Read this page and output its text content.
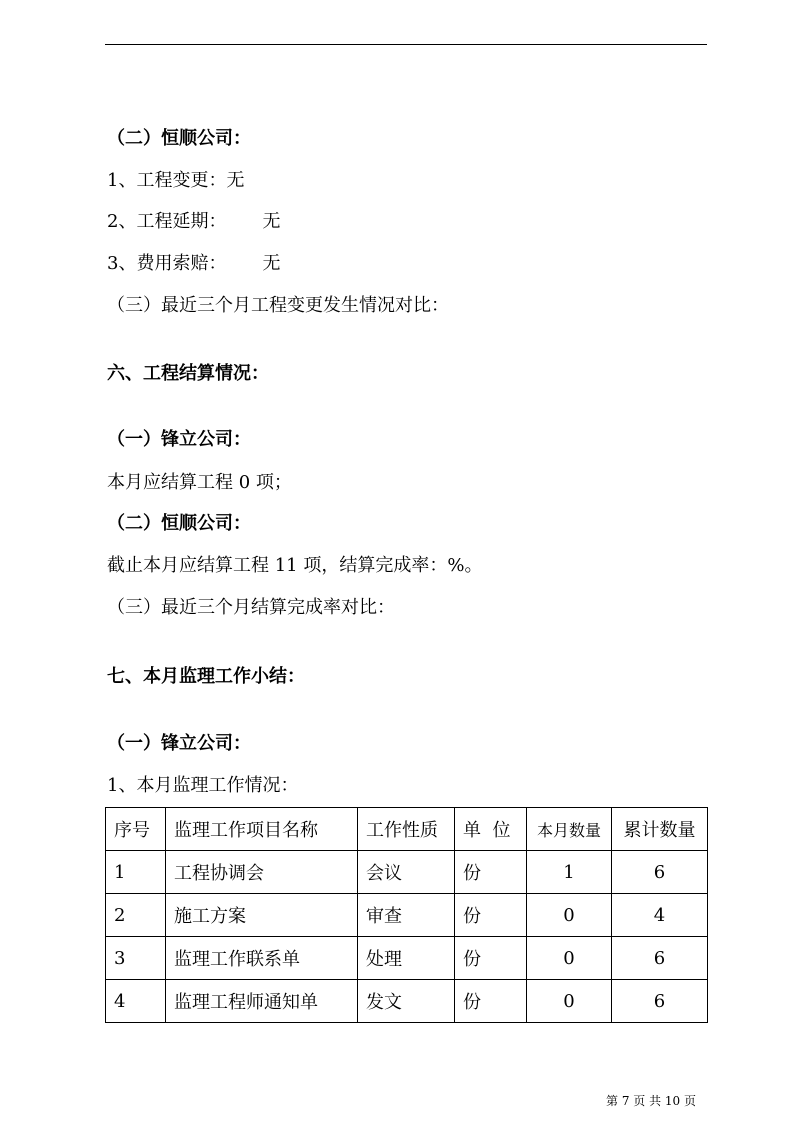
（二）恒顺公司：
1、工程变更：无
2、工程延期： 无
3、费用索赔： 无
（三）最近三个月工程变更发生情况对比：
六、工程结算情况：
（一）锋立公司：
本月应结算工程 0 项；
（二）恒顺公司：
截止本月应结算工程 11 项，结算完成率：%。
（三）最近三个月结算完成率对比：
七、本月监理工作小结：
（一）锋立公司：
1、本月监理工作情况：
序号	监理工作项目名称	工作性质	单  位	本月数量	累计数量
1	工程协调会	会议	份	1	6
2	施工方案	审查	份	0	4
3	监理工作联系单	处理	份	0	6
4	监理工程师通知单	发文	份	0	6
第 7 页 共 10 页
